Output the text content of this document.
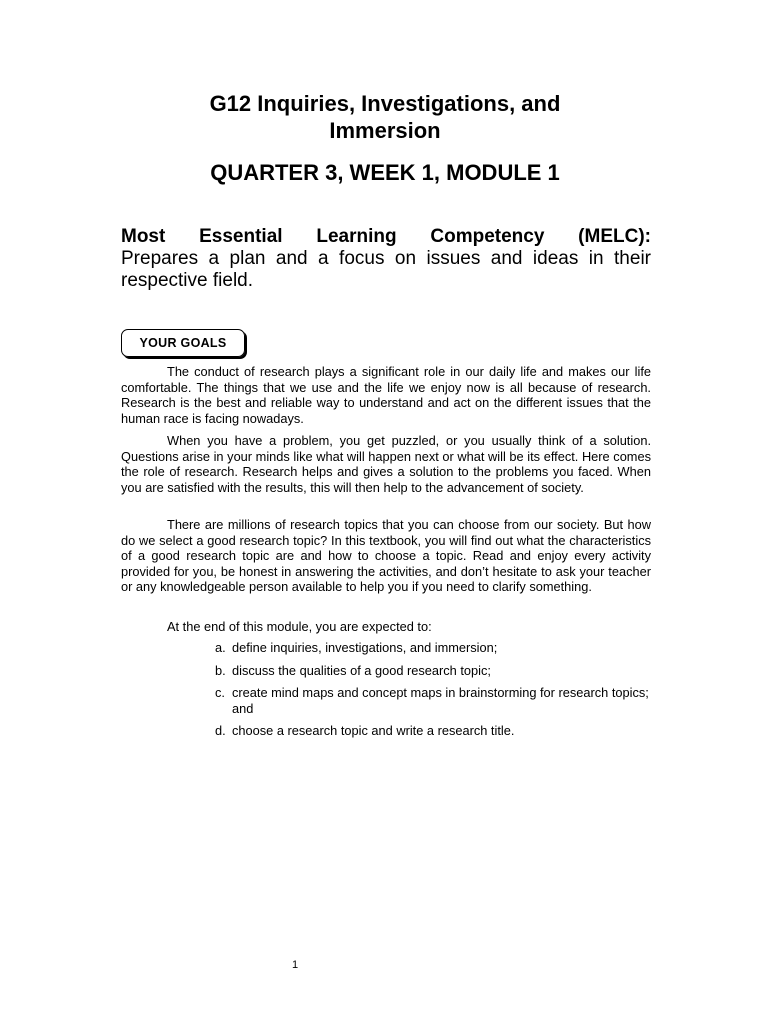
G12 Inquiries, Investigations, and
Immersion
QUARTER 3, WEEK 1, MODULE 1
Most Essential Learning Competency (MELC):
Prepares a plan and a focus on issues and ideas in their respective field.
YOUR GOALS

The conduct of research plays a significant role in our daily life and makes our life comfortable. The things that we use and the life we enjoy now is all because of research. Research is the best and reliable way to understand and act on the different issues that the human race is facing nowadays.

When you have a problem, you get puzzled, or you usually think of a solution. Questions arise in your minds like what will happen next or what will be its effect. Here comes the role of research. Research helps and gives a solution to the problems you faced. When you are satisfied with the results, this will then help to the advancement of society.

There are millions of research topics that you can choose from our society. But how do we select a good research topic? In this textbook, you will find out what the characteristics of a good research topic are and how to choose a topic. Read and enjoy every activity provided for you, be honest in answering the activities, and don’t hesitate to ask your teacher or any knowledgeable person available to help you if you need to clarify something.

At the end of this module, you are expected to:

a. define inquiries, investigations, and immersion;
b. discuss the qualities of a good research topic;
c. create mind maps and concept maps in brainstorming for research topics; and
d. choose a research topic and write a research title.
1
